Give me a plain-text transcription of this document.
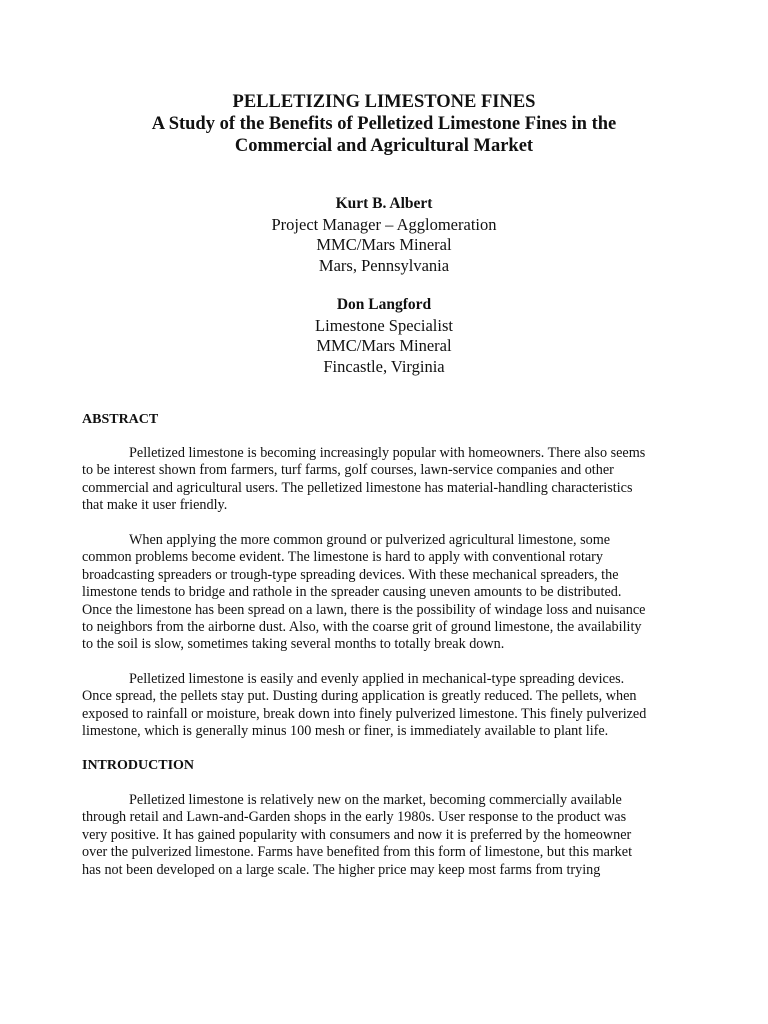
PELLETIZING LIMESTONE FINES
A Study of the Benefits of Pelletized Limestone Fines in the
Commercial and Agricultural Market
Kurt B. Albert
Project Manager – Agglomeration
MMC/Mars Mineral
Mars, Pennsylvania
Don Langford
Limestone Specialist
MMC/Mars Mineral
Fincastle, Virginia
ABSTRACT
Pelletized limestone is becoming increasingly popular with homeowners. There also seems
to be interest shown from farmers, turf farms, golf courses, lawn-service companies and other
commercial and agricultural users. The pelletized limestone has material-handling characteristics
that make it user friendly.
When applying the more common ground or pulverized agricultural limestone, some
common problems become evident. The limestone is hard to apply with conventional rotary
broadcasting spreaders or trough-type spreading devices. With these mechanical spreaders, the
limestone tends to bridge and rathole in the spreader causing uneven amounts to be distributed.
Once the limestone has been spread on a lawn, there is the possibility of windage loss and nuisance
to neighbors from the airborne dust. Also, with the coarse grit of ground limestone, the availability
to the soil is slow, sometimes taking several months to totally break down.
Pelletized limestone is easily and evenly applied in mechanical-type spreading devices.
Once spread, the pellets stay put. Dusting during application is greatly reduced. The pellets, when
exposed to rainfall or moisture, break down into finely pulverized limestone. This finely pulverized
limestone, which is generally minus 100 mesh or finer, is immediately available to plant life.
INTRODUCTION
Pelletized limestone is relatively new on the market, becoming commercially available
through retail and Lawn-and-Garden shops in the early 1980s. User response to the product was
very positive. It has gained popularity with consumers and now it is preferred by the homeowner
over the pulverized limestone. Farms have benefited from this form of limestone, but this market
has not been developed on a large scale. The higher price may keep most farms from trying
